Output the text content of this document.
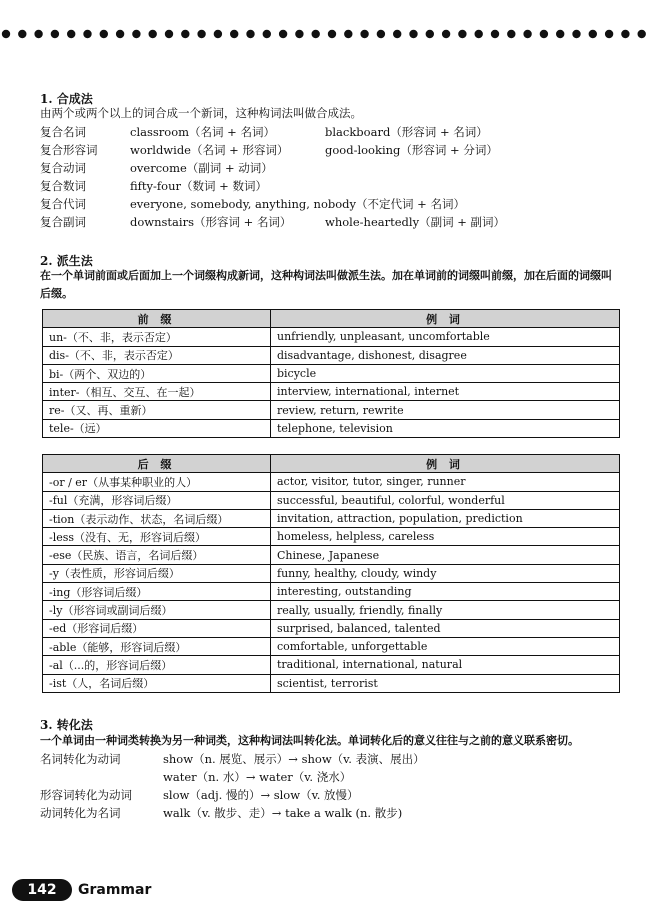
1. 合成法
由两个或两个以上的词合成一个新词，这种构词法叫做合成法。
复合名词	classroom（名词 + 名词）	blackboard（形容词 + 名词）
复合形容词	worldwide（名词 + 形容词）	good-looking（形容词 + 分词）
复合动词	overcome（副词 + 动词）
复合数词	fifty-four（数词 + 数词）
复合代词	everyone, somebody, anything, nobody（不定代词 + 名词）
复合副词	downstairs（形容词 + 名词）	whole-heartedly（副词 + 副词）
2. 派生法
在一个单词前面或后面加上一个词缀构成新词，这种构词法叫做派生法。加在单词前的词缀叫前缀，加在后面的词缀叫后缀。
前 缀	例 词
un-（不、非，表示否定）	unfriendly, unpleasant, uncomfortable
dis-（不、非，表示否定）	disadvantage, dishonest, disagree
bi-（两个、双边的）	bicycle
inter-（相互、交互、在一起）	interview, international, internet
re-（又、再、重新）	review, return, rewrite
tele-（远）	telephone, television
后 缀	例 词
-or / er（从事某种职业的人）	actor, visitor, tutor, singer, runner
-ful（充满，形容词后缀）	successful, beautiful, colorful, wonderful
-tion（表示动作、状态，名词后缀）	invitation, attraction, population, prediction
-less（没有、无，形容词后缀）	homeless, helpless, careless
-ese（民族、语言，名词后缀）	Chinese, Japanese
-y（表性质，形容词后缀）	funny, healthy, cloudy, windy
-ing（形容词后缀）	interesting, outstanding
-ly（形容词或副词后缀）	really, usually, friendly, finally
-ed（形容词后缀）	surprised, balanced, talented
-able（能够，形容词后缀）	comfortable, unforgettable
-al（...的，形容词后缀）	traditional, international, natural
-ist（人，名词后缀）	scientist, terrorist
3. 转化法
一个单词由一种词类转换为另一种词类，这种构词法叫转化法。单词转化后的意义往往与之前的意义联系密切。
名词转化为动词	show（n. 展览、展示）→ show（v. 表演、展出）
water（n. 水）→ water（v. 浇水）
形容词转化为动词	slow（adj. 慢的）→ slow（v. 放慢）
动词转化为名词	walk（v. 散步、走）→ take a walk (n. 散步)
142	Grammar
